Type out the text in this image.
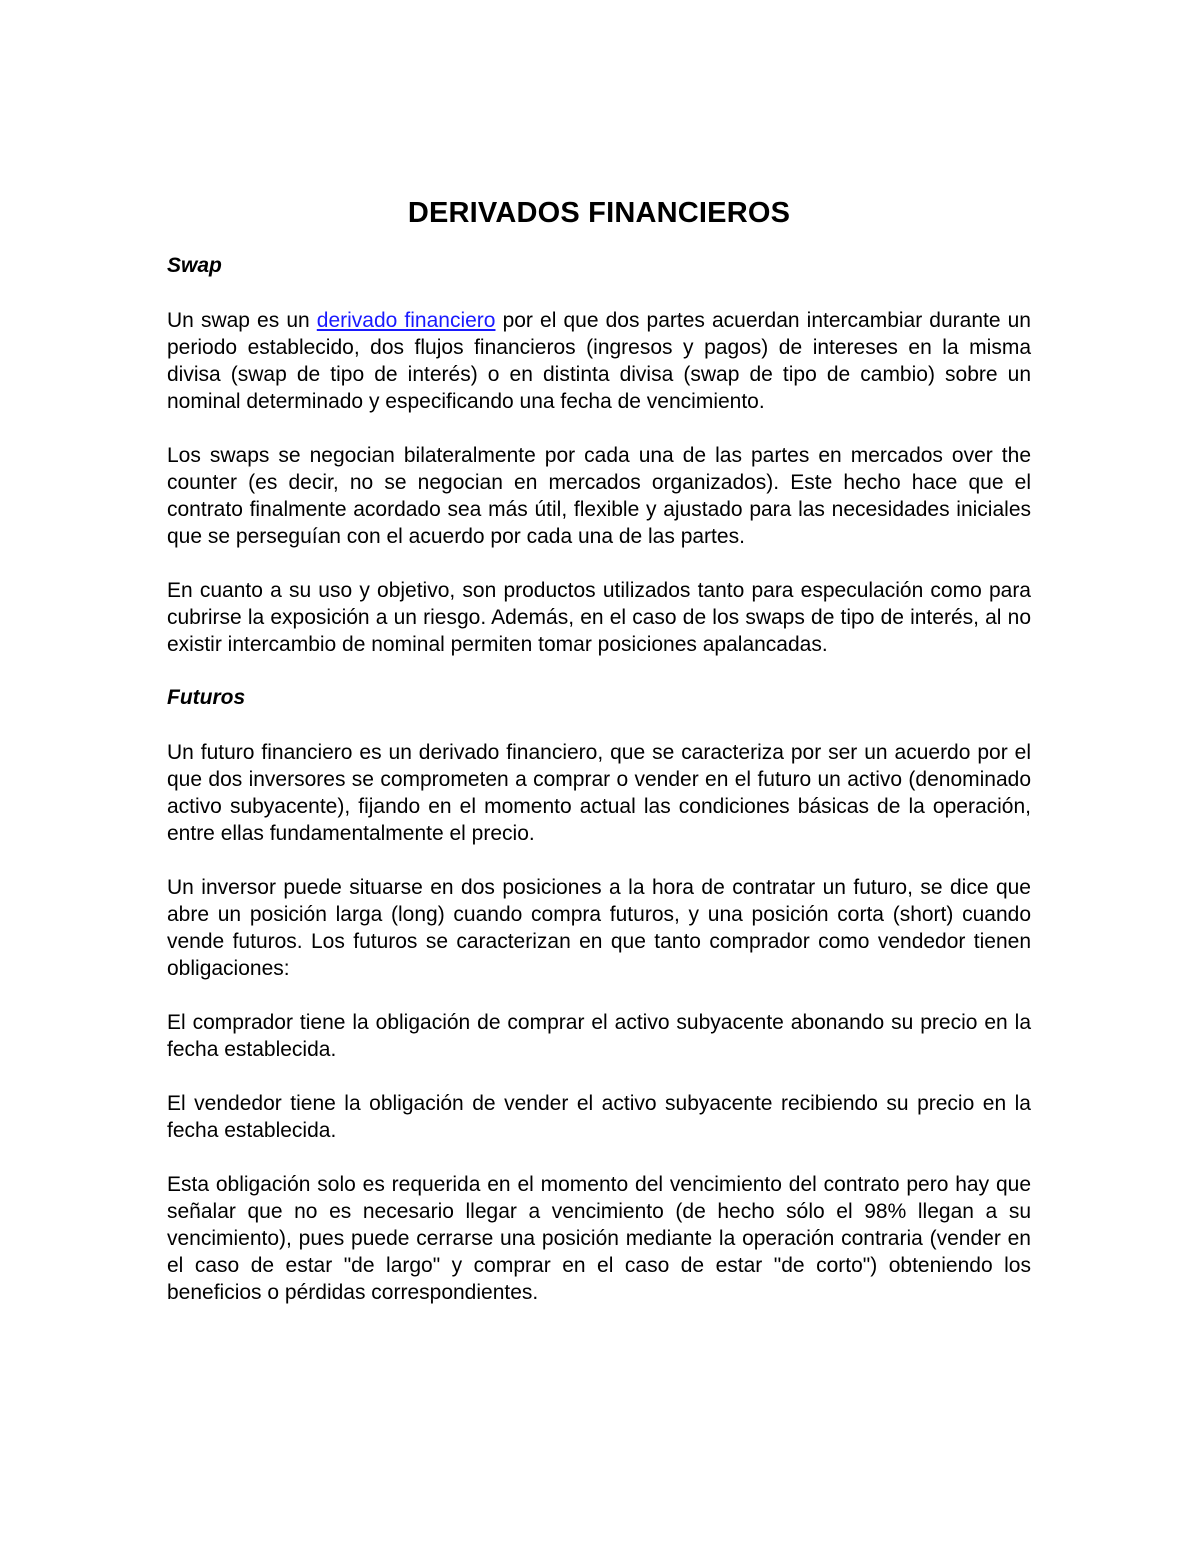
DERIVADOS FINANCIEROS
Swap

Un swap es un derivado financiero por el que dos partes acuerdan intercambiar durante un periodo establecido, dos flujos financieros (ingresos y pagos) de intereses en la misma divisa (swap de tipo de interés) o en distinta divisa (swap de tipo de cambio) sobre un nominal determinado y especificando una fecha de vencimiento.

Los swaps se negocian bilateralmente por cada una de las partes en mercados over the counter (es decir, no se negocian en mercados organizados). Este hecho hace que el contrato finalmente acordado sea más útil, flexible y ajustado para las necesidades iniciales que se perseguían con el acuerdo por cada una de las partes.

En cuanto a su uso y objetivo, son productos utilizados tanto para especulación como para cubrirse la exposición a un riesgo. Además, en el caso de los swaps de tipo de interés, al no existir intercambio de nominal permiten tomar posiciones apalancadas.

Futuros

Un futuro financiero es un derivado financiero, que se caracteriza por ser un acuerdo por el que dos inversores se comprometen a comprar o vender en el futuro un activo (denominado activo subyacente), fijando en el momento actual las condiciones básicas de la operación, entre ellas fundamentalmente el precio.

Un inversor puede situarse en dos posiciones a la hora de contratar un futuro, se dice que abre un posición larga (long) cuando compra futuros, y una posición corta (short) cuando vende futuros. Los futuros se caracterizan en que tanto comprador como vendedor tienen obligaciones:

El comprador tiene la obligación de comprar el activo subyacente abonando su precio en la fecha establecida.

El vendedor tiene la obligación de vender el activo subyacente recibiendo su precio en la fecha establecida.

Esta obligación solo es requerida en el momento del vencimiento del contrato pero hay que señalar que no es necesario llegar a vencimiento (de hecho sólo el 98% llegan a su vencimiento), pues puede cerrarse una posición mediante la operación contraria (vender en el caso de estar "de largo" y comprar en el caso de estar "de corto") obteniendo los beneficios o pérdidas correspondientes.
